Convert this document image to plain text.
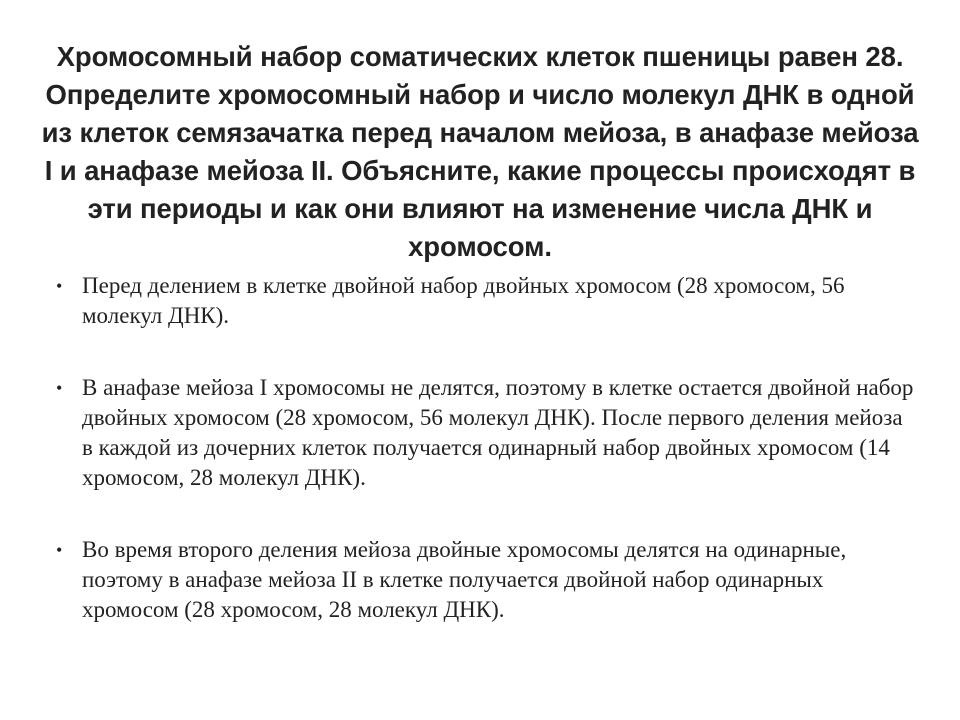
Хромосомный набор соматических клеток пшеницы равен 28. Определите хромосомный набор и число молекул ДНК в одной из клеток семязачатка перед началом мейоза, в анафазе мейоза I и анафазе мейоза II. Объясните, какие процессы происходят в эти периоды и как они влияют на изменение числа ДНК и хромосом.
• Перед делением в клетке двойной набор двойных хромосом (28 хромосом, 56 молекул ДНК).
• В анафазе мейоза I хромосомы не делятся, поэтому в клетке остается двойной набор двойных хромосом (28 хромосом, 56 молекул ДНК). После первого деления мейоза в каждой из дочерних клеток получается одинарный набор двойных хромосом (14 хромосом, 28 молекул ДНК).
• Во время второго деления мейоза двойные хромосомы делятся на одинарные, поэтому в анафазе мейоза II в клетке получается двойной набор одинарных хромосом (28 хромосом, 28 молекул ДНК).
